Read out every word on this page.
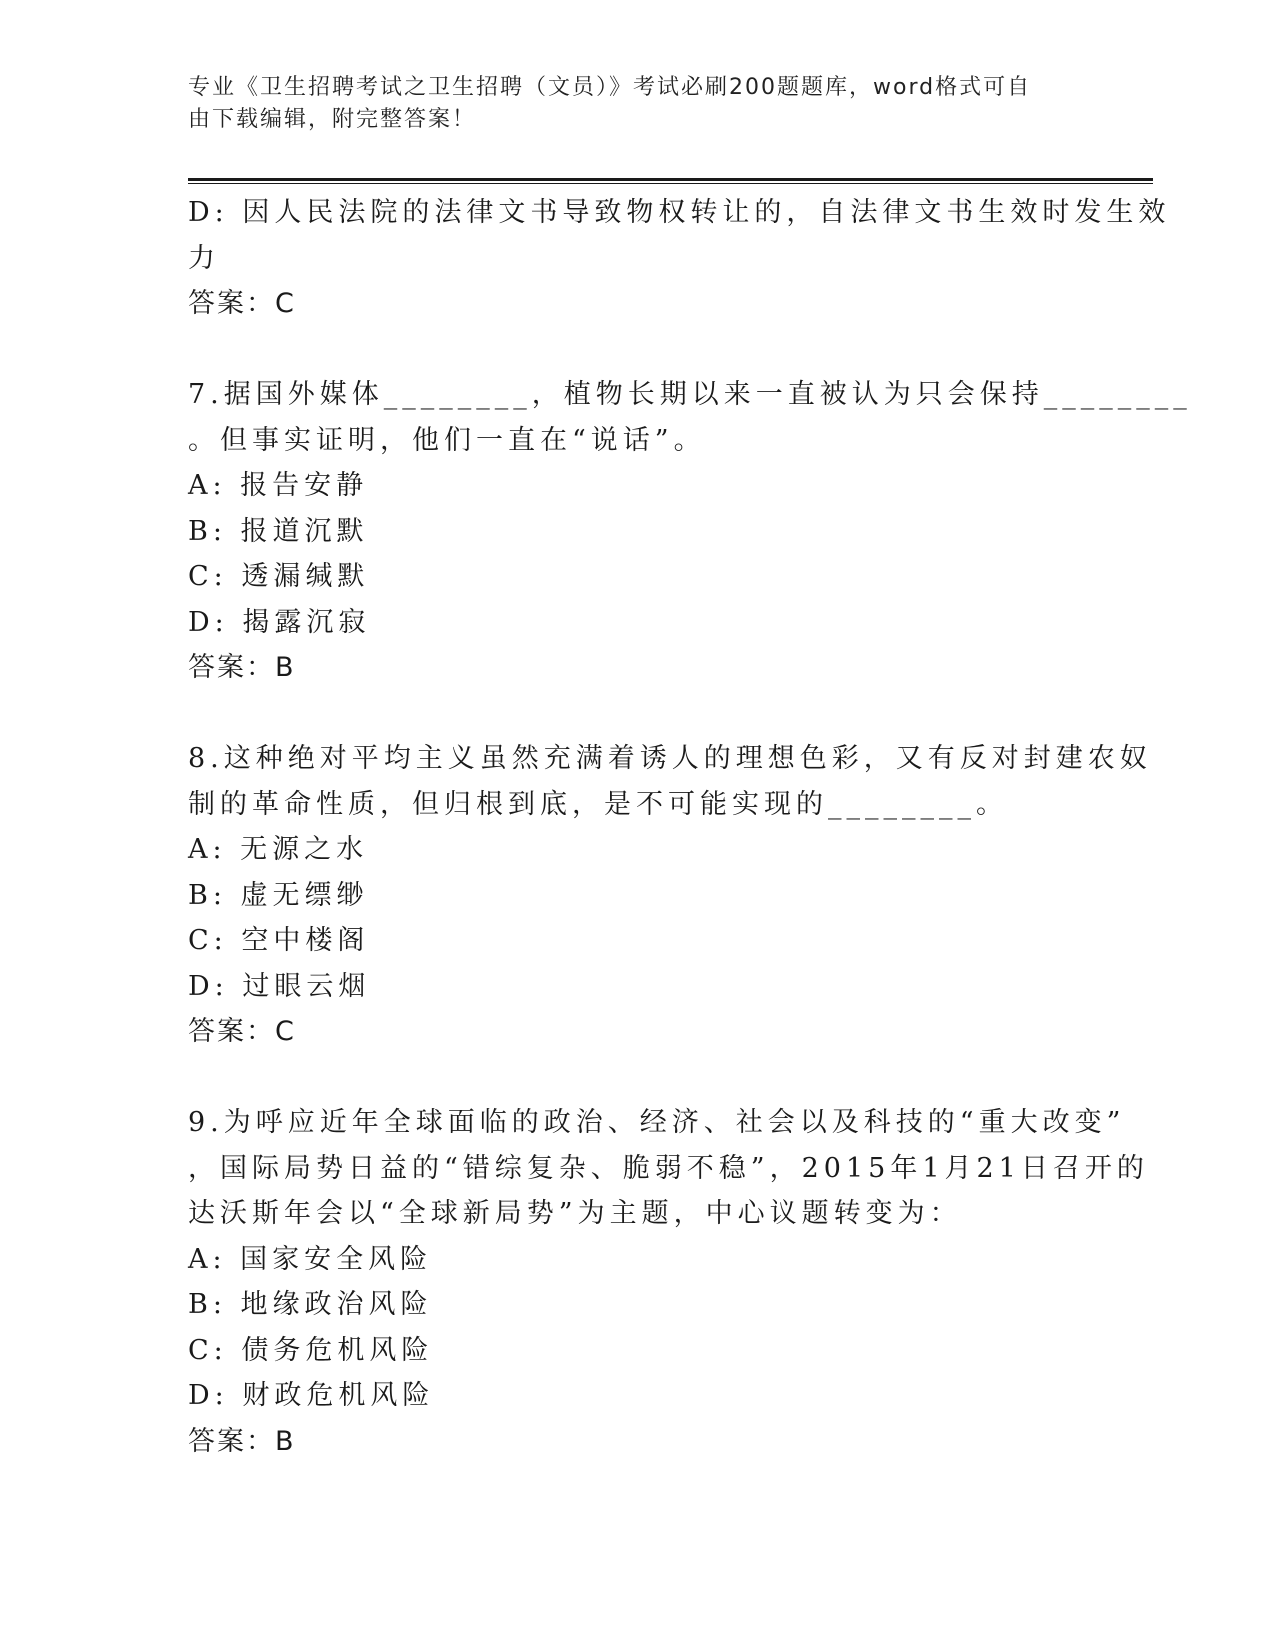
专业《卫生招聘考试之卫生招聘（文员）》考试必刷200题题库，word格式可自
由下载编辑，附完整答案！
D: 因人民法院的法律文书导致物权转让的，自法律文书生效时发生效
力
答案：C
7.据国外媒体________，植物长期以来一直被认为只会保持________
。但事实证明，他们一直在“说话”。
A: 报告安静
B: 报道沉默
C: 透漏缄默
D: 揭露沉寂
答案：B
8.这种绝对平均主义虽然充满着诱人的理想色彩，又有反对封建农奴
制的革命性质，但归根到底，是不可能实现的________。
A: 无源之水
B: 虚无缥缈
C: 空中楼阁
D: 过眼云烟
答案：C
9.为呼应近年全球面临的政治、经济、社会以及科技的“重大改变”
，国际局势日益的“错综复杂、脆弱不稳”，2015年1月21日召开的
达沃斯年会以“全球新局势”为主题，中心议题转变为：
A: 国家安全风险
B: 地缘政治风险
C: 债务危机风险
D: 财政危机风险
答案：B
